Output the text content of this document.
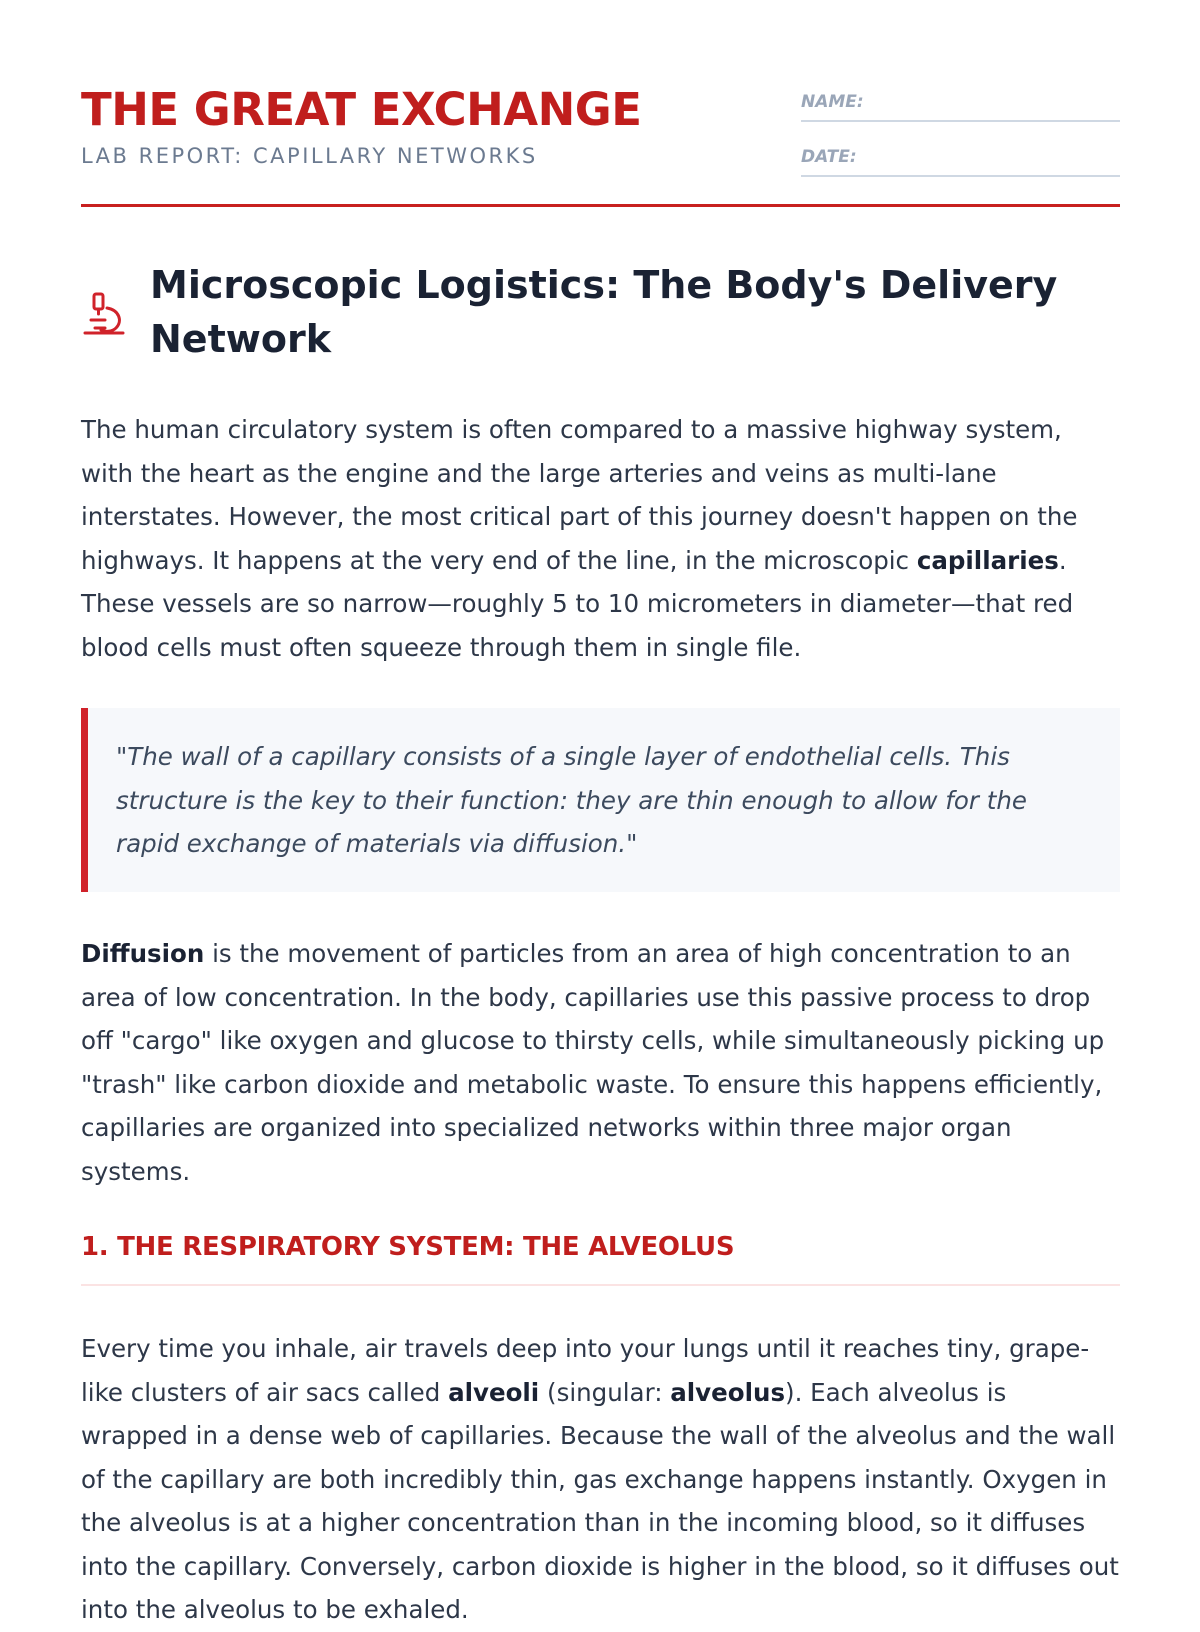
THE GREAT EXCHANGE
LAB REPORT: CAPILLARY NETWORKS
NAME:
DATE:
Microscopic Logistics: The Body's Delivery Network

The human circulatory system is often compared to a massive highway system, with the heart as the engine and the large arteries and veins as multi-lane interstates. However, the most critical part of this journey doesn't happen on the highways. It happens at the very end of the line, in the microscopic capillaries. These vessels are so narrow—roughly 5 to 10 micrometers in diameter—that red blood cells must often squeeze through them in single file.

"The wall of a capillary consists of a single layer of endothelial cells. This structure is the key to their function: they are thin enough to allow for the rapid exchange of materials via diffusion."

Diffusion is the movement of particles from an area of high concentration to an area of low concentration. In the body, capillaries use this passive process to drop off "cargo" like oxygen and glucose to thirsty cells, while simultaneously picking up "trash" like carbon dioxide and metabolic waste. To ensure this happens efficiently, capillaries are organized into specialized networks within three major organ systems.

1. THE RESPIRATORY SYSTEM: THE ALVEOLUS

Every time you inhale, air travels deep into your lungs until it reaches tiny, grape-like clusters of air sacs called alveoli (singular: alveolus). Each alveolus is wrapped in a dense web of capillaries. Because the wall of the alveolus and the wall of the capillary are both incredibly thin, gas exchange happens instantly. Oxygen in the alveolus is at a higher concentration than in the incoming blood, so it diffuses into the capillary. Conversely, carbon dioxide is higher in the blood, so it diffuses out into the alveolus to be exhaled.
